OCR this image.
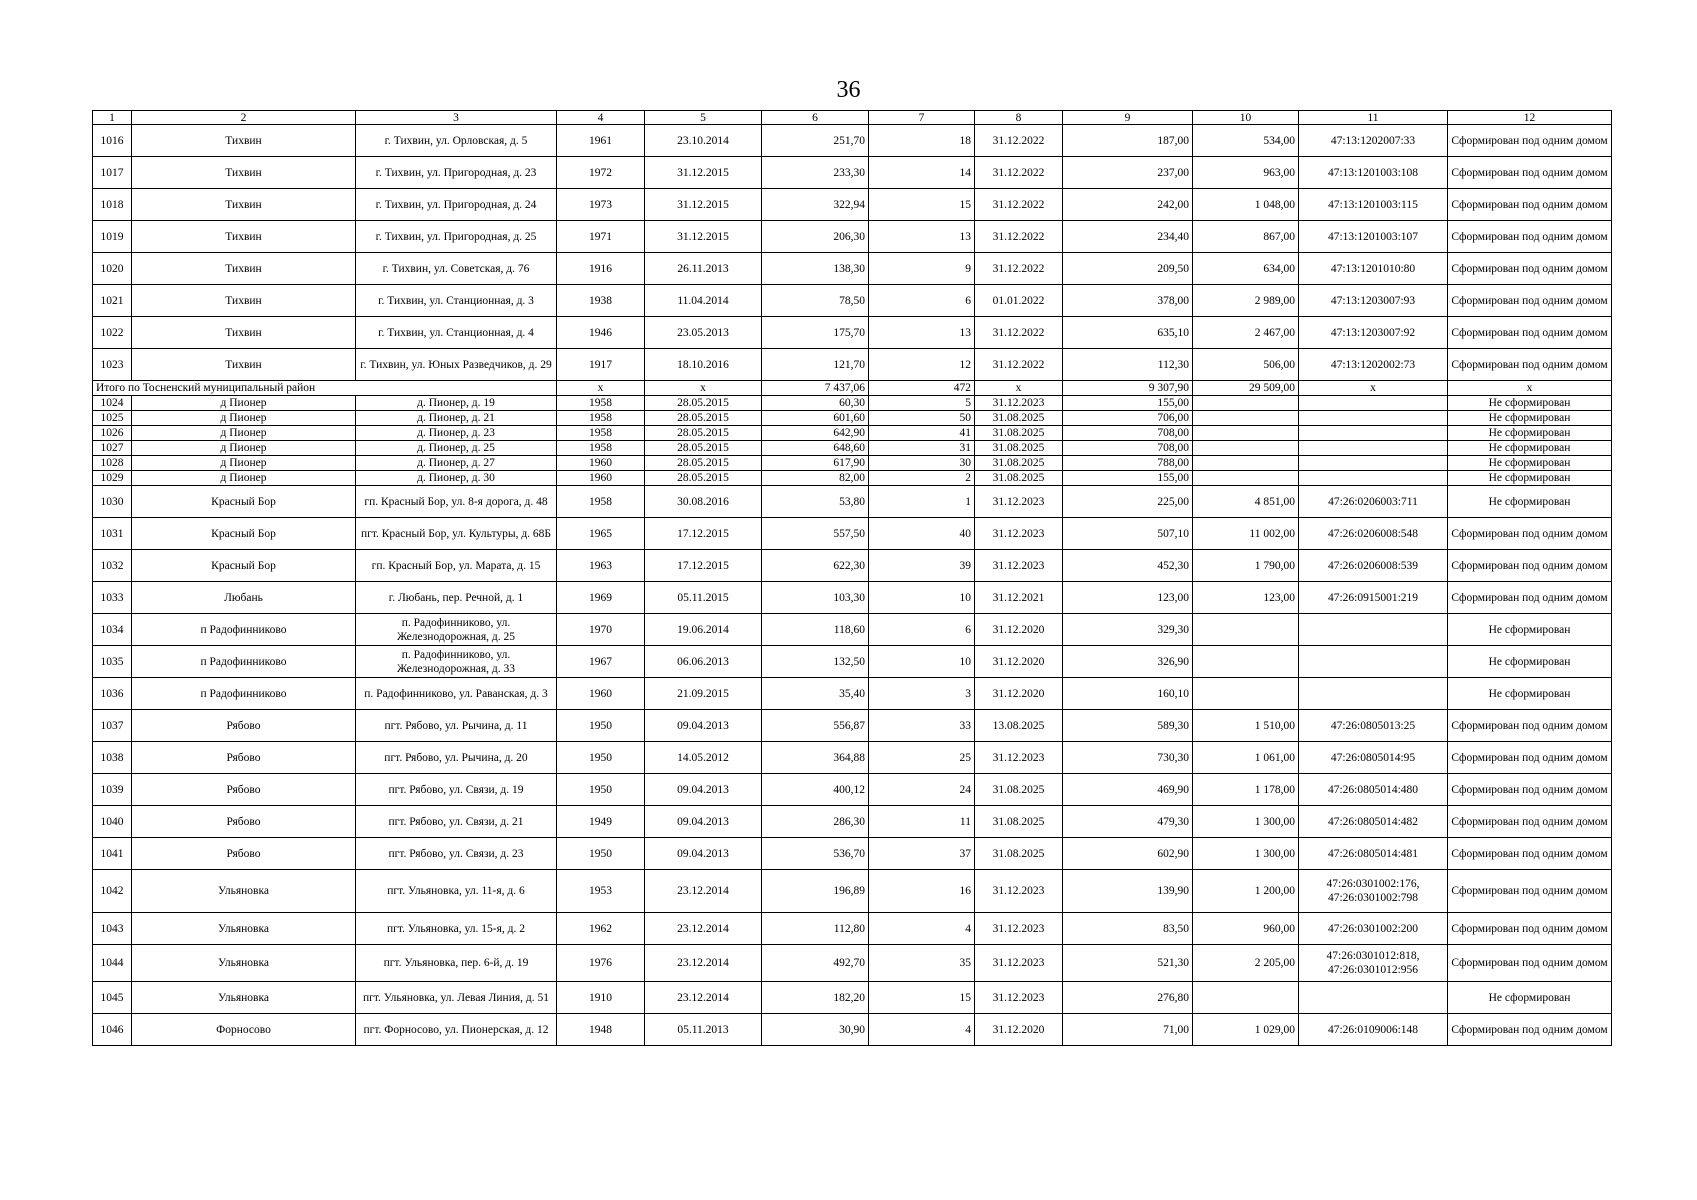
36
1	2	3	4	5	6	7	8	9	10	11	12
1016	Тихвин	г. Тихвин, ул. Орловская, д. 5	1961	23.10.2014	251,70	18	31.12.2022	187,00	534,00	47:13:1202007:33	Сформирован под одним домом
1017	Тихвин	г. Тихвин, ул. Пригородная, д. 23	1972	31.12.2015	233,30	14	31.12.2022	237,00	963,00	47:13:1201003:108	Сформирован под одним домом
1018	Тихвин	г. Тихвин, ул. Пригородная, д. 24	1973	31.12.2015	322,94	15	31.12.2022	242,00	1 048,00	47:13:1201003:115	Сформирован под одним домом
1019	Тихвин	г. Тихвин, ул. Пригородная, д. 25	1971	31.12.2015	206,30	13	31.12.2022	234,40	867,00	47:13:1201003:107	Сформирован под одним домом
1020	Тихвин	г. Тихвин, ул. Советская, д. 76	1916	26.11.2013	138,30	9	31.12.2022	209,50	634,00	47:13:1201010:80	Сформирован под одним домом
1021	Тихвин	г. Тихвин, ул. Станционная, д. 3	1938	11.04.2014	78,50	6	01.01.2022	378,00	2 989,00	47:13:1203007:93	Сформирован под одним домом
1022	Тихвин	г. Тихвин, ул. Станционная, д. 4	1946	23.05.2013	175,70	13	31.12.2022	635,10	2 467,00	47:13:1203007:92	Сформирован под одним домом
1023	Тихвин	г. Тихвин, ул. Юных Разведчиков, д. 29	1917	18.10.2016	121,70	12	31.12.2022	112,30	506,00	47:13:1202002:73	Сформирован под одним домом
Итого по Тосненский муниципальный район			x	x	7 437,06	472	x	9 307,90	29 509,00	x	x
1024	д Пионер	д. Пионер, д. 19	1958	28.05.2015	60,30	5	31.12.2023	155,00			Не сформирован
1025	д Пионер	д. Пионер, д. 21	1958	28.05.2015	601,60	50	31.08.2025	706,00			Не сформирован
1026	д Пионер	д. Пионер, д. 23	1958	28.05.2015	642,90	41	31.08.2025	708,00			Не сформирован
1027	д Пионер	д. Пионер, д. 25	1958	28.05.2015	648,60	31	31.08.2025	708,00			Не сформирован
1028	д Пионер	д. Пионер, д. 27	1960	28.05.2015	617,90	30	31.08.2025	788,00			Не сформирован
1029	д Пионер	д. Пионер, д. 30	1960	28.05.2015	82,00	2	31.08.2025	155,00			Не сформирован
1030	Красный Бор	гп. Красный Бор, ул. 8-я дорога, д. 48	1958	30.08.2016	53,80	1	31.12.2023	225,00	4 851,00	47:26:0206003:711	Не сформирован
1031	Красный Бор	пгт. Красный Бор, ул. Культуры, д. 68Б	1965	17.12.2015	557,50	40	31.12.2023	507,10	11 002,00	47:26:0206008:548	Сформирован под одним домом
1032	Красный Бор	гп. Красный Бор, ул. Марата, д. 15	1963	17.12.2015	622,30	39	31.12.2023	452,30	1 790,00	47:26:0206008:539	Сформирован под одним домом
1033	Любань	г. Любань, пер. Речной, д. 1	1969	05.11.2015	103,30	10	31.12.2021	123,00	123,00	47:26:0915001:219	Сформирован под одним домом
1034	п Радофинниково	п. Радофинниково, ул. Железнодорожная, д. 25	1970	19.06.2014	118,60	6	31.12.2020	329,30			Не сформирован
1035	п Радофинниково	п. Радофинниково, ул. Железнодорожная, д. 33	1967	06.06.2013	132,50	10	31.12.2020	326,90			Не сформирован
1036	п Радофинниково	п. Радофинниково, ул. Раванская, д. 3	1960	21.09.2015	35,40	3	31.12.2020	160,10			Не сформирован
1037	Рябово	пгт. Рябово, ул. Рычина, д. 11	1950	09.04.2013	556,87	33	13.08.2025	589,30	1 510,00	47:26:0805013:25	Сформирован под одним домом
1038	Рябово	пгт. Рябово, ул. Рычина, д. 20	1950	14.05.2012	364,88	25	31.12.2023	730,30	1 061,00	47:26:0805014:95	Сформирован под одним домом
1039	Рябово	пгт. Рябово, ул. Связи, д. 19	1950	09.04.2013	400,12	24	31.08.2025	469,90	1 178,00	47:26:0805014:480	Сформирован под одним домом
1040	Рябово	пгт. Рябово, ул. Связи, д. 21	1949	09.04.2013	286,30	11	31.08.2025	479,30	1 300,00	47:26:0805014:482	Сформирован под одним домом
1041	Рябово	пгт. Рябово, ул. Связи, д. 23	1950	09.04.2013	536,70	37	31.08.2025	602,90	1 300,00	47:26:0805014:481	Сформирован под одним домом
1042	Ульяновка	пгт. Ульяновка, ул. 11-я, д. 6	1953	23.12.2014	196,89	16	31.12.2023	139,90	1 200,00	47:26:0301002:176, 47:26:0301002:798	Сформирован под одним домом
1043	Ульяновка	пгт. Ульяновка, ул. 15-я, д. 2	1962	23.12.2014	112,80	4	31.12.2023	83,50	960,00	47:26:0301002:200	Сформирован под одним домом
1044	Ульяновка	пгт. Ульяновка, пер. 6-й, д. 19	1976	23.12.2014	492,70	35	31.12.2023	521,30	2 205,00	47:26:0301012:818, 47:26:0301012:956	Сформирован под одним домом
1045	Ульяновка	пгт. Ульяновка, ул. Левая Линия, д. 51	1910	23.12.2014	182,20	15	31.12.2023	276,80			Не сформирован
1046	Форносово	пгт. Форносово, ул. Пионерская, д. 12	1948	05.11.2013	30,90	4	31.12.2020	71,00	1 029,00	47:26:0109006:148	Сформирован под одним домом
